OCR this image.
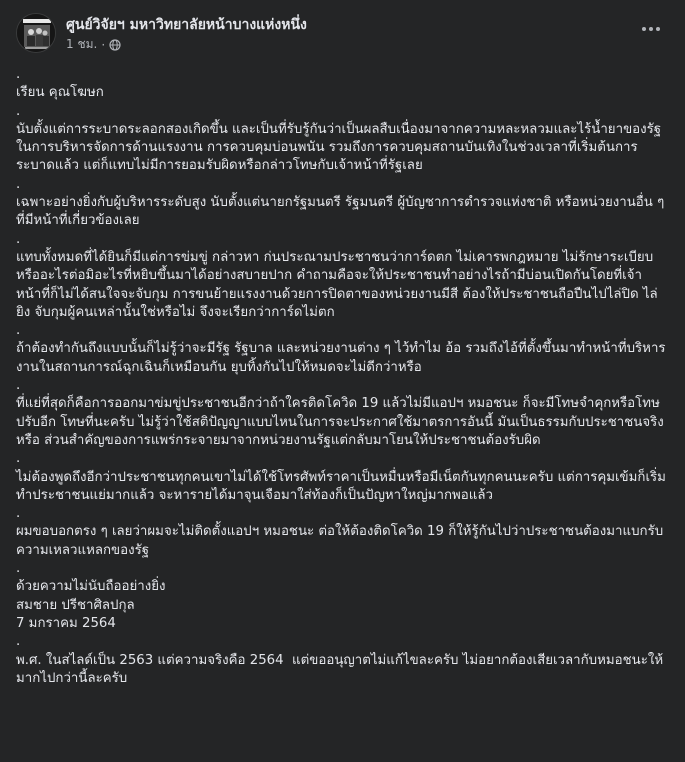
ศูนย์วิจัยฯ มหาวิทยาลัยหน้าบางแห่งหนึ่ง
1 ชม. ·

.

เรียน คุณโฆษก

.

นับตั้งแต่การระบาดระลอกสองเกิดขึ้น และเป็นที่รับรู้กันว่าเป็นผลสืบเนื่องมาจากความหละหลวมและไร้น้ำยาของรัฐในการบริหารจัดการด้านแรงงาน การควบคุมบ่อนพนัน รวมถึงการควบคุมสถานบันเทิงในช่วงเวลาที่เริ่มต้นการระบาดแล้ว แต่ก็แทบไม่มีการยอมรับผิดหรือกล่าวโทษกับเจ้าหน้าที่รัฐเลย

.

เฉพาะอย่างยิ่งกับผู้บริหารระดับสูง นับตั้งแต่นายกรัฐมนตรี รัฐมนตรี ผู้บัญชาการตำรวจแห่งชาติ หรือหน่วยงานอื่น ๆ ที่มีหน้าที่เกี่ยวข้องเลย

.

แทบทั้งหมดที่ได้ยินก็มีแต่การข่มขู่ กล่าวหา ก่นประณามประชาชนว่าการ์ดตก ไม่เคารพกฎหมาย ไม่รักษาระเบียบ หรืออะไรต่อมิอะไรที่หยิบขึ้นมาได้อย่างสบายปาก คำถามคือจะให้ประชาชนทำอย่างไรถ้ามีบ่อนเปิดกันโดยที่เจ้าหน้าที่ก็ไม่ได้สนใจจะจับกุม การขนย้ายแรงงานด้วยการปิดตาของหน่วยงานมีสี ต้องให้ประชาชนถือปืนไปไล่ปิด ไล่ยิง จับกุมผู้คนเหล่านั้นใช่หรือไม่ จึงจะเรียกว่าการ์ดไม่ตก

.

ถ้าต้องทำกันถึงแบบนั้นก็ไม่รู้ว่าจะมีรัฐ รัฐบาล และหน่วยงานต่าง ๆ ไว้ทำไม อ้อ รวมถึงไอ้ที่ตั้งขึ้นมาทำหน้าที่บริหารงานในสถานการณ์ฉุกเฉินก็เหมือนกัน ยุบทิ้งกันไปให้หมดจะไม่ดีกว่าหรือ

.

ที่แย่ที่สุดก็คือการออกมาข่มขู่ประชาชนอีกว่าถ้าใครติดโควิด 19 แล้วไม่มีแอปฯ หมอชนะ ก็จะมีโทษจำคุกหรือโทษปรับอีก โทษที่นะครับ ไม่รู้ว่าใช้สติปัญญาแบบไหนในการจะประกาศใช้มาตรการอันนี้ มันเป็นธรรมกับประชาชนจริงหรือ ส่วนสำคัญของการแพร่กระจายมาจากหน่วยงานรัฐแต่กลับมาโยนให้ประชาชนต้องรับผิด

.

ไม่ต้องพูดถึงอีกว่าประชาชนทุกคนเขาไม่ได้ใช้โทรศัพท์ราคาเป็นหมื่นหรือมีเน็ตกันทุกคนนะครับ แต่การคุมเข้มก็เริ่มทำประชาชนแย่มากแล้ว จะหารายได้มาจุนเจือมาใส่ท้องก็เป็นปัญหาใหญ่มากพอแล้ว

.

ผมขอบอกตรง ๆ เลยว่าผมจะไม่ติดตั้งแอปฯ หมอชนะ ต่อให้ต้องติดโควิด 19 ก็ให้รู้กันไปว่าประชาชนต้องมาแบกรับความเหลวแหลกของรัฐ

.

ด้วยความไม่นับถืออย่างยิ่ง

สมชาย ปรีชาศิลปกุล

7 มกราคม 2564

.

พ.ศ. ในสไลด์เป็น 2563 แต่ความจริงคือ 2564  แต่ขออนุญาตไม่แก้ไขละครับ ไม่อยากต้องเสียเวลากับหมอชนะให้มากไปกว่านี้ละครับ
